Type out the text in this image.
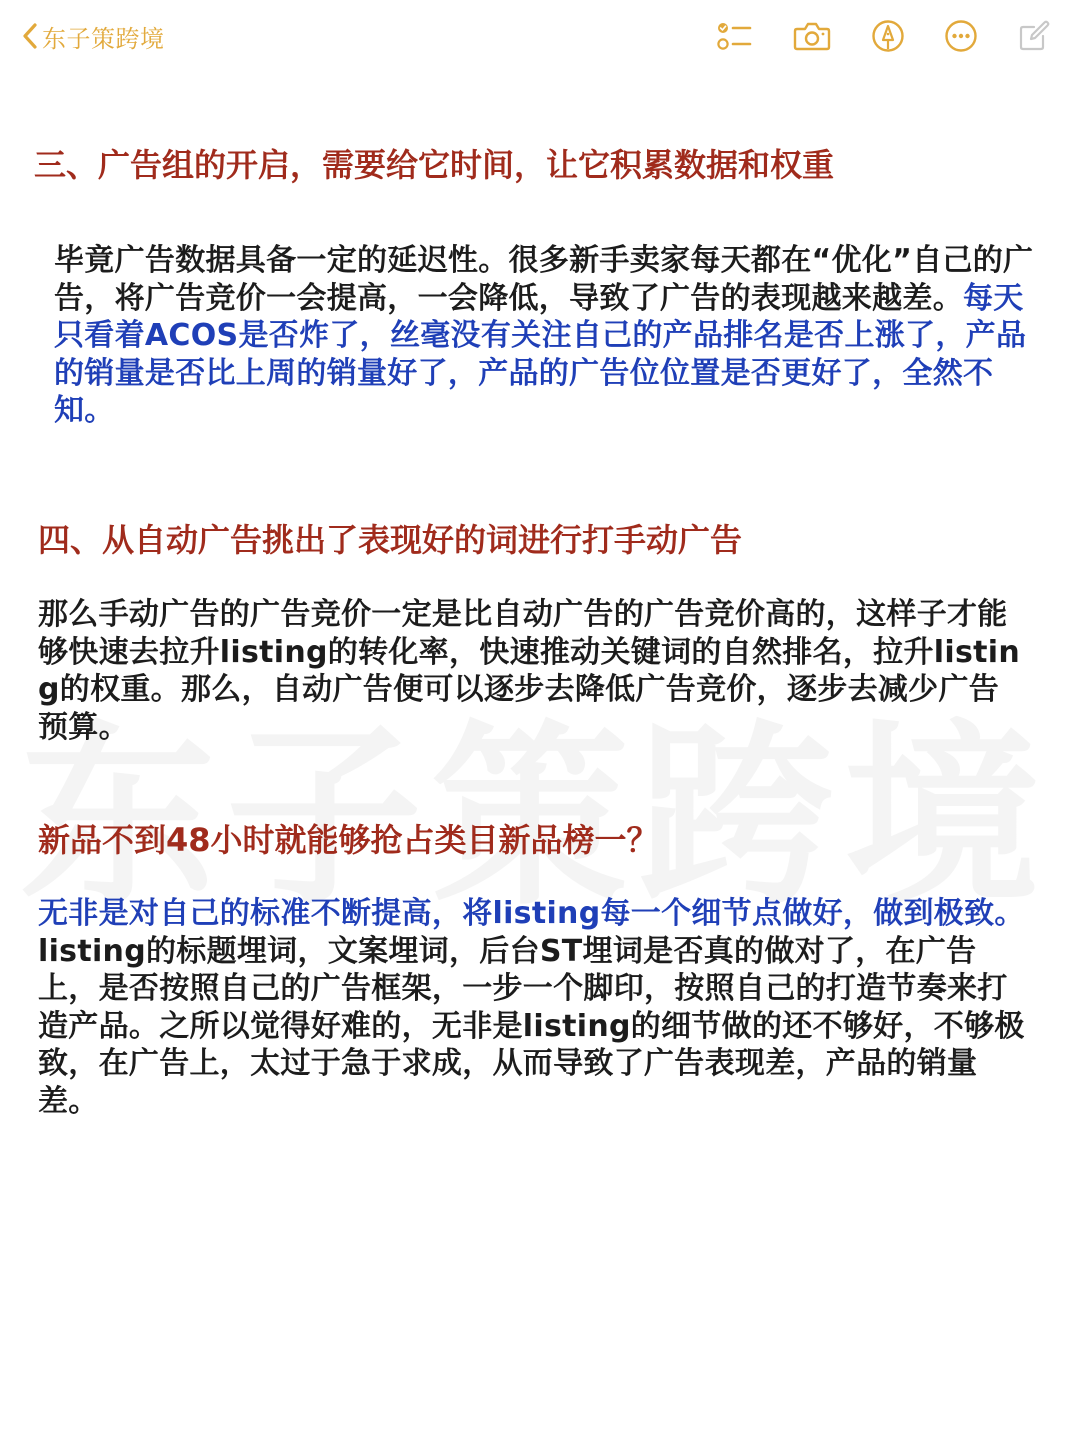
东子策跨境
三、广告组的开启，需要给它时间，让它积累数据和权重

毕竟广告数据具备一定的延迟性。很多新手卖家每天都在“优化”自己的广告，将广告竞价一会提高，一会降低，导致了广告的表现越来越差。每天只看着ACOS是否炸了，丝毫没有关注自己的产品排名是否上涨了，产品的销量是否比上周的销量好了，产品的广告位位置是否更好了，全然不知。

四、从自动广告挑出了表现好的词进行打手动广告

那么手动广告的广告竞价一定是比自动广告的广告竞价高的，这样子才能够快速去拉升listing的转化率，快速推动关键词的自然排名，拉升listing的权重。那么，自动广告便可以逐步去降低广告竞价，逐步去减少广告预算。

新品不到48小时就能够抢占类目新品榜一？

无非是对自己的标准不断提高，将listing每一个细节点做好，做到极致。listing的标题埋词，文案埋词，后台ST埋词是否真的做对了，在广告上，是否按照自己的广告框架，一步一个脚印，按照自己的打造节奏来打造产品。之所以觉得好难的，无非是listing的细节做的还不够好，不够极致，在广告上，太过于急于求成，从而导致了广告表现差，产品的销量差。
